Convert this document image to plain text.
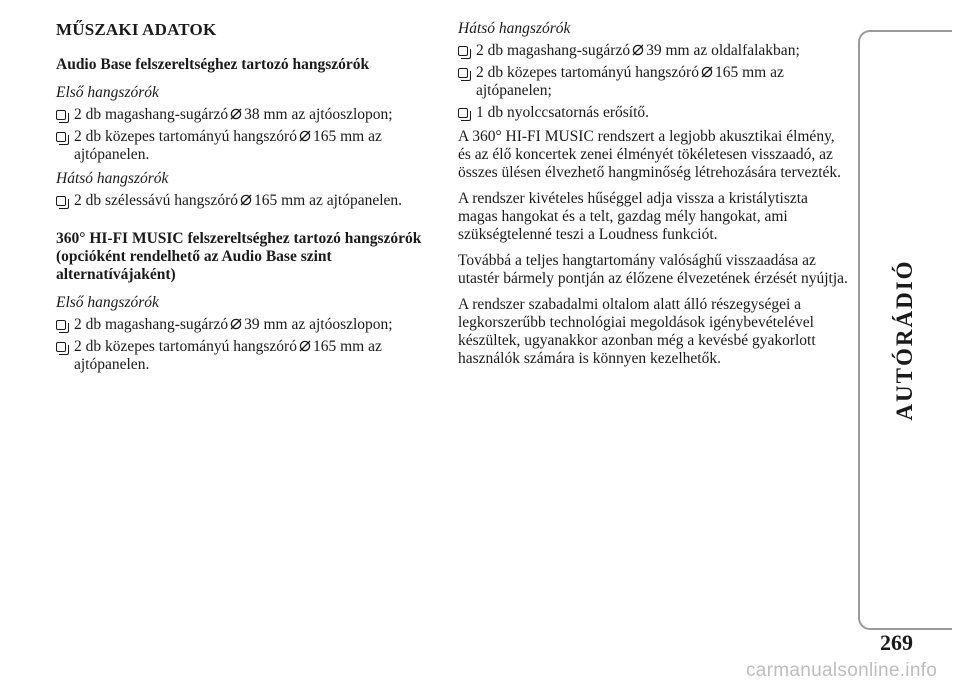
MŰSZAKI ADATOK
Audio Base felszereltséghez tartozó hangszórók
Első hangszórók
2 db magashang-sugárzó 38 mm az ajtóoszlopon;
2 db közepes tartományú hangszóró 165 mm az ajtópanelen.
Hátsó hangszórók
2 db szélessávú hangszóró 165 mm az ajtópanelen.
360° HI-FI MUSIC felszereltséghez tartozó hangszórók
(opcióként rendelhető az Audio Base szint alternatívájaként)
Első hangszórók
2 db magashang-sugárzó 39 mm az ajtóoszlopon;
2 db közepes tartományú hangszóró 165 mm az ajtópanelen.
Hátsó hangszórók
2 db magashang-sugárzó 39 mm az oldalfalakban;
2 db közepes tartományú hangszóró 165 mm az ajtópanelen;
1 db nyolccsatornás erősítő.

A 360° HI-FI MUSIC rendszert a legjobb akusztikai élmény, és az élő koncertek zenei élményét tökéletesen visszaadó, az összes ülésen élvezhető hangminőség létrehozására tervezték.

A rendszer kivételes hűséggel adja vissza a kristálytiszta magas hangokat és a telt, gazdag mély hangokat, ami szükségtelenné teszi a Loudness funkciót.

Továbbá a teljes hangtartomány valósághű visszaadása az utastér bármely pontján az élőzene élvezetének érzését nyújtja.

A rendszer szabadalmi oltalom alatt álló részegységei a legkorszerűbb technológiai megoldások igénybevételével készültek, ugyanakkor azonban még a kevésbé gyakorlott használók számára is könnyen kezelhetők.	AUTÓRÁDIÓ
269
carmanualsonline.info
